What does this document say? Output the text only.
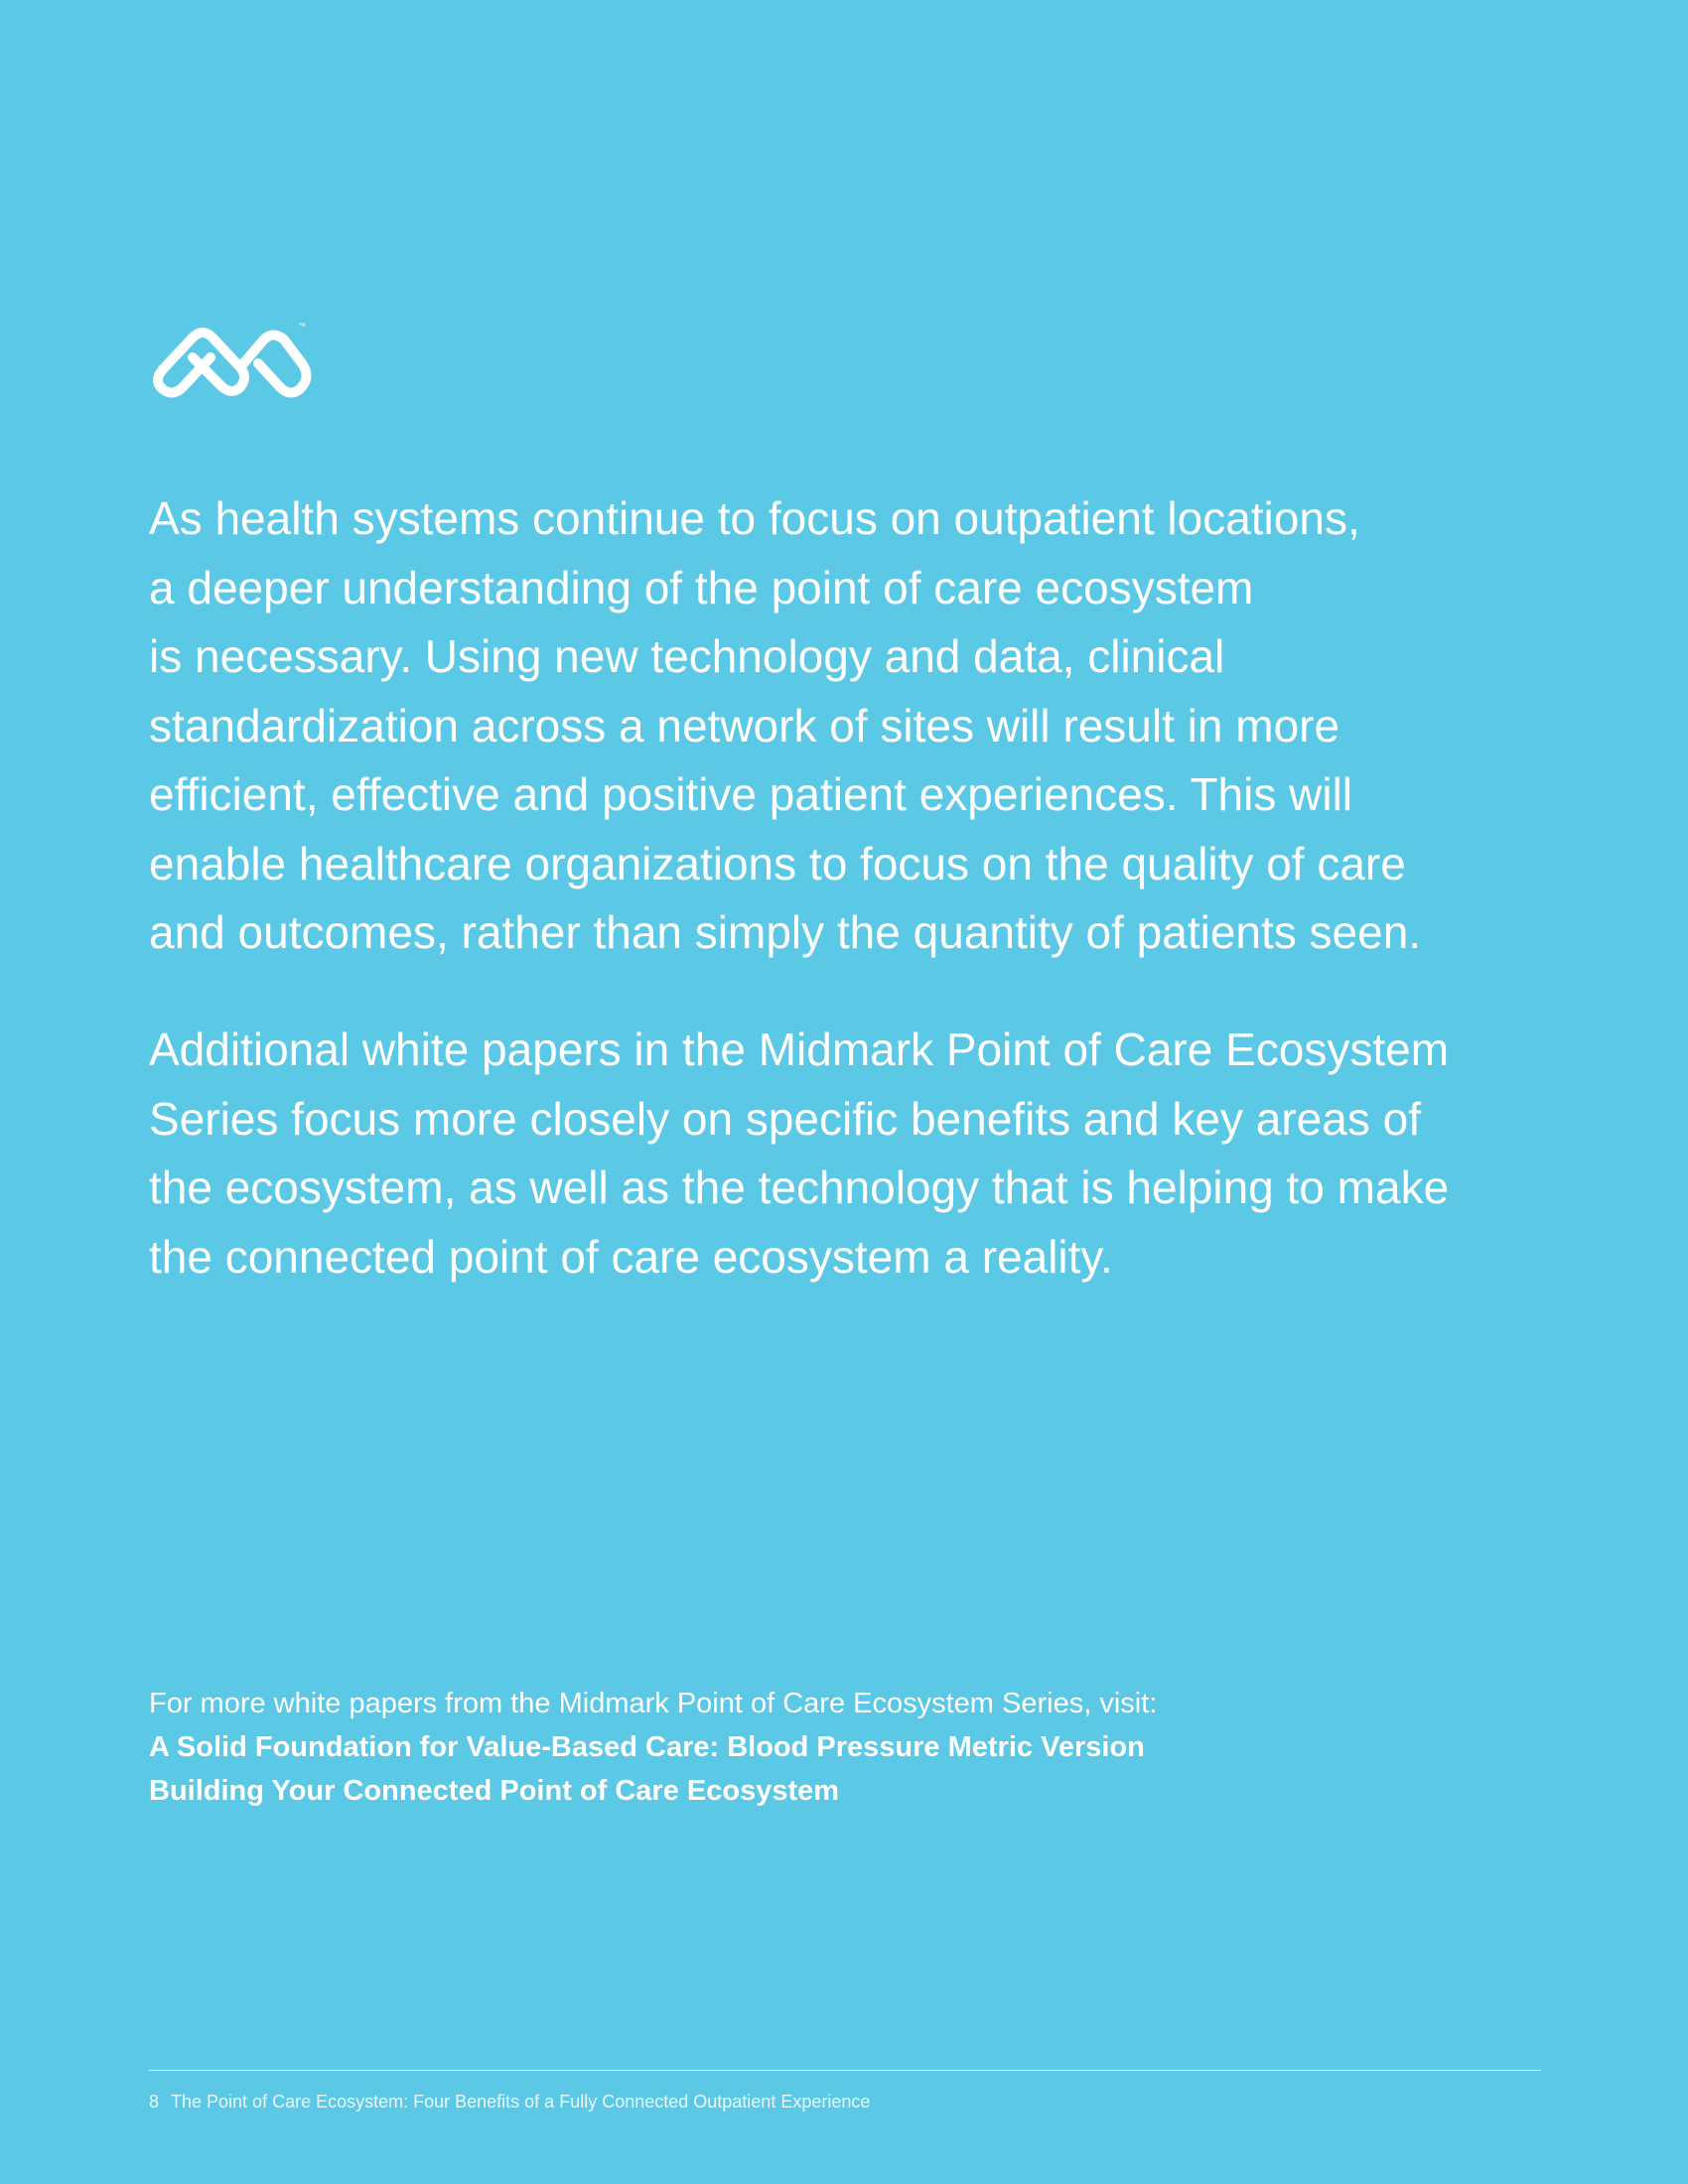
™
As health systems continue to focus on outpatient locations,
a deeper understanding of the point of care ecosystem
is necessary. Using new technology and data, clinical
standardization across a network of sites will result in more
efficient, effective and positive patient experiences. This will
enable healthcare organizations to focus on the quality of care
and outcomes, rather than simply the quantity of patients seen.
Additional white papers in the Midmark Point of Care Ecosystem
Series focus more closely on specific benefits and key areas of
the ecosystem, as well as the technology that is helping to make
the connected point of care ecosystem a reality.
For more white papers from the Midmark Point of Care Ecosystem Series, visit:
A Solid Foundation for Value-Based Care: Blood Pressure Metric Version
Building Your Connected Point of Care Ecosystem
8 The Point of Care Ecosystem: Four Benefits of a Fully Connected Outpatient Experience
